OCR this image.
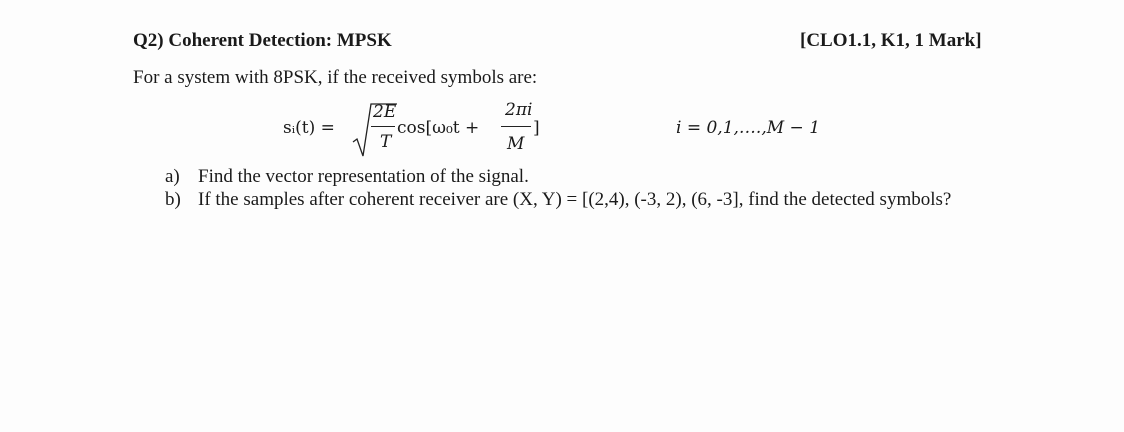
Q2) Coherent Detection: MPSK	[CLO1.1, K1, 1 Mark]
For a system with 8PSK, if the received symbols are:
sᵢ(t) =
2E
T
cos[ω₀t +
2πi
M
]	i = 0,1,….,M − 1
a) Find the vector representation of the signal.
b) If the samples after coherent receiver are (X, Y) = [(2,4), (-3, 2), (6, -3], find the detected symbols?
